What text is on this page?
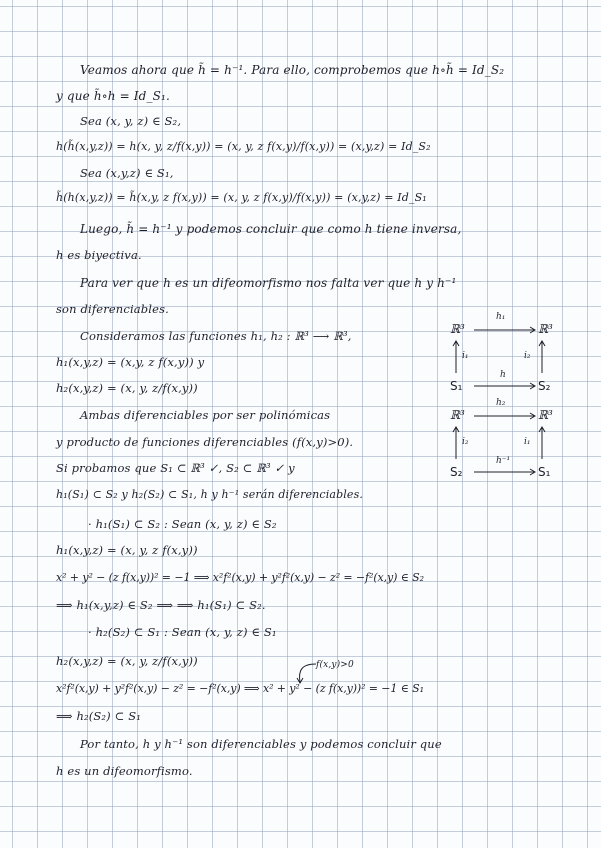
Veamos ahora que h̃ = h⁻¹. Para ello, comprobemos que h∘h̃ = Id_S₂
y que h̃∘h = Id_S₁.
Sea (x, y, z) ∈ S₂,
h(h̃(x,y,z)) = h(x, y, z/f(x,y)) = (x, y, z f(x,y)/f(x,y)) = (x,y,z) = Id_S₂
Sea (x,y,z) ∈ S₁,
h̃(h(x,y,z)) = h̃(x,y, z f(x,y)) = (x, y, z f(x,y)/f(x,y)) = (x,y,z) = Id_S₁
Luego, h̃ = h⁻¹ y podemos concluir que como h tiene inversa,
h es biyectiva.
Para ver que h es un difeomorfismo nos falta ver que h y h⁻¹
son diferenciables.
Consideramos las funciones h₁, h₂ : ℝ³ ⟶ ℝ³,
h₁(x,y,z) = (x,y, z f(x,y)) y
h₂(x,y,z) = (x, y, z/f(x,y))
Ambas diferenciables por ser polinómicas
y producto de funciones diferenciables (f(x,y)>0).
Si probamos que S₁ ⊂ ℝ³ ✓, S₂ ⊂ ℝ³ ✓ y
h₁(S₁) ⊂ S₂ y h₂(S₂) ⊂ S₁, h y h⁻¹ serán diferenciables.
· h₁(S₁) ⊂ S₂ : Sean (x, y, z) ∈ S₂
h₁(x,y,z) = (x, y, z f(x,y))
x² + y² − (z f(x,y))² = −1 ⟹ x²f²(x,y) + y²f²(x,y) − z² = −f²(x,y) ∈ S₂
⟹ h₁(x,y,z) ∈ S₂ ⟹ ⟹ h₁(S₁) ⊂ S₂.
· h₂(S₂) ⊂ S₁ : Sean (x, y, z) ∈ S₁
h₂(x,y,z) = (x, y, z/f(x,y))	f(x,y)>0
x²f²(x,y) + y²f²(x,y) − z² = −f²(x,y) ⟹ x² + y² − (z f(x,y))² = −1 ∈ S₁
⟹ h₂(S₂) ⊂ S₁
Por tanto, h y h⁻¹ son diferenciables y podemos concluir que
h es un difeomorfismo.
ℝ³	ℝ³
h₁
S₁	S₂
h
i₁	i₂
ℝ³	ℝ³
h₂
S₂	S₁
h⁻¹
i₂	i₁
